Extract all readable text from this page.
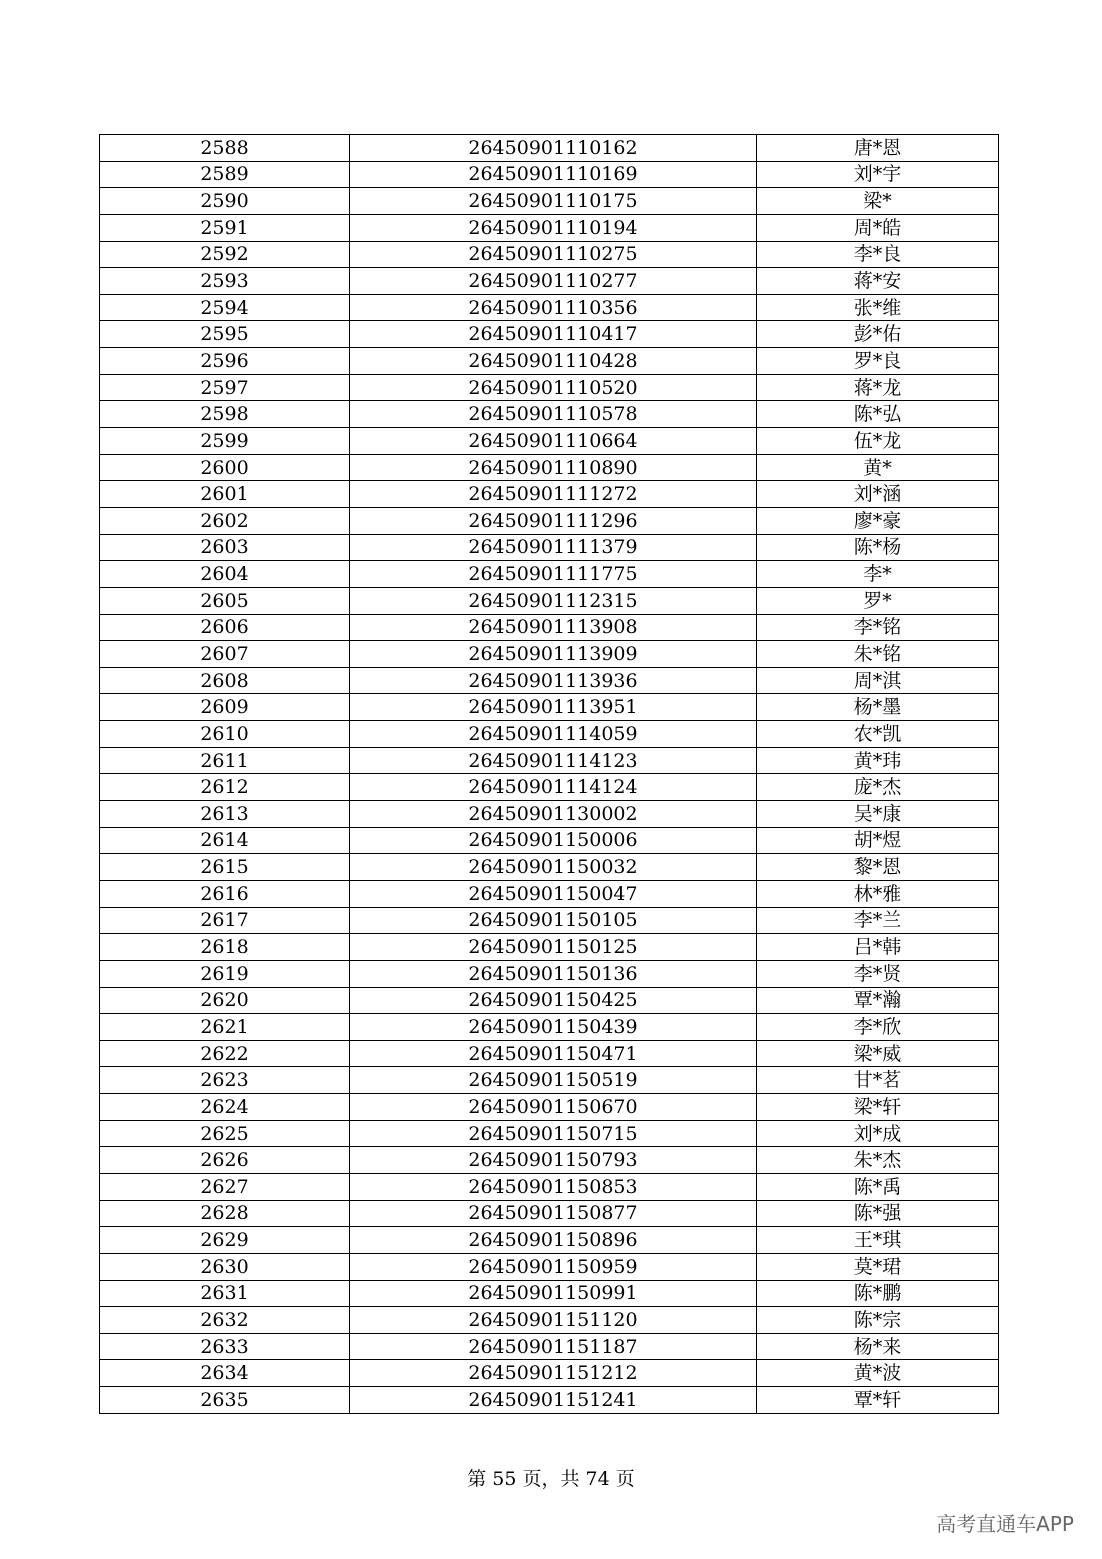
2588	26450901110162	唐*恩
2589	26450901110169	刘*宇
2590	26450901110175	梁*
2591	26450901110194	周*皓
2592	26450901110275	李*良
2593	26450901110277	蒋*安
2594	26450901110356	张*维
2595	26450901110417	彭*佑
2596	26450901110428	罗*良
2597	26450901110520	蒋*龙
2598	26450901110578	陈*弘
2599	26450901110664	伍*龙
2600	26450901110890	黄*
2601	26450901111272	刘*涵
2602	26450901111296	廖*豪
2603	26450901111379	陈*杨
2604	26450901111775	李*
2605	26450901112315	罗*
2606	26450901113908	李*铭
2607	26450901113909	朱*铭
2608	26450901113936	周*淇
2609	26450901113951	杨*墨
2610	26450901114059	农*凯
2611	26450901114123	黄*玮
2612	26450901114124	庞*杰
2613	26450901130002	吴*康
2614	26450901150006	胡*煜
2615	26450901150032	黎*恩
2616	26450901150047	林*雅
2617	26450901150105	李*兰
2618	26450901150125	吕*韩
2619	26450901150136	李*贤
2620	26450901150425	覃*瀚
2621	26450901150439	李*欣
2622	26450901150471	梁*威
2623	26450901150519	甘*茗
2624	26450901150670	梁*轩
2625	26450901150715	刘*成
2626	26450901150793	朱*杰
2627	26450901150853	陈*禹
2628	26450901150877	陈*强
2629	26450901150896	王*琪
2630	26450901150959	莫*珺
2631	26450901150991	陈*鹏
2632	26450901151120	陈*宗
2633	26450901151187	杨*来
2634	26450901151212	黄*波
2635	26450901151241	覃*轩
第 55 页，共 74 页
高考直通车APP
